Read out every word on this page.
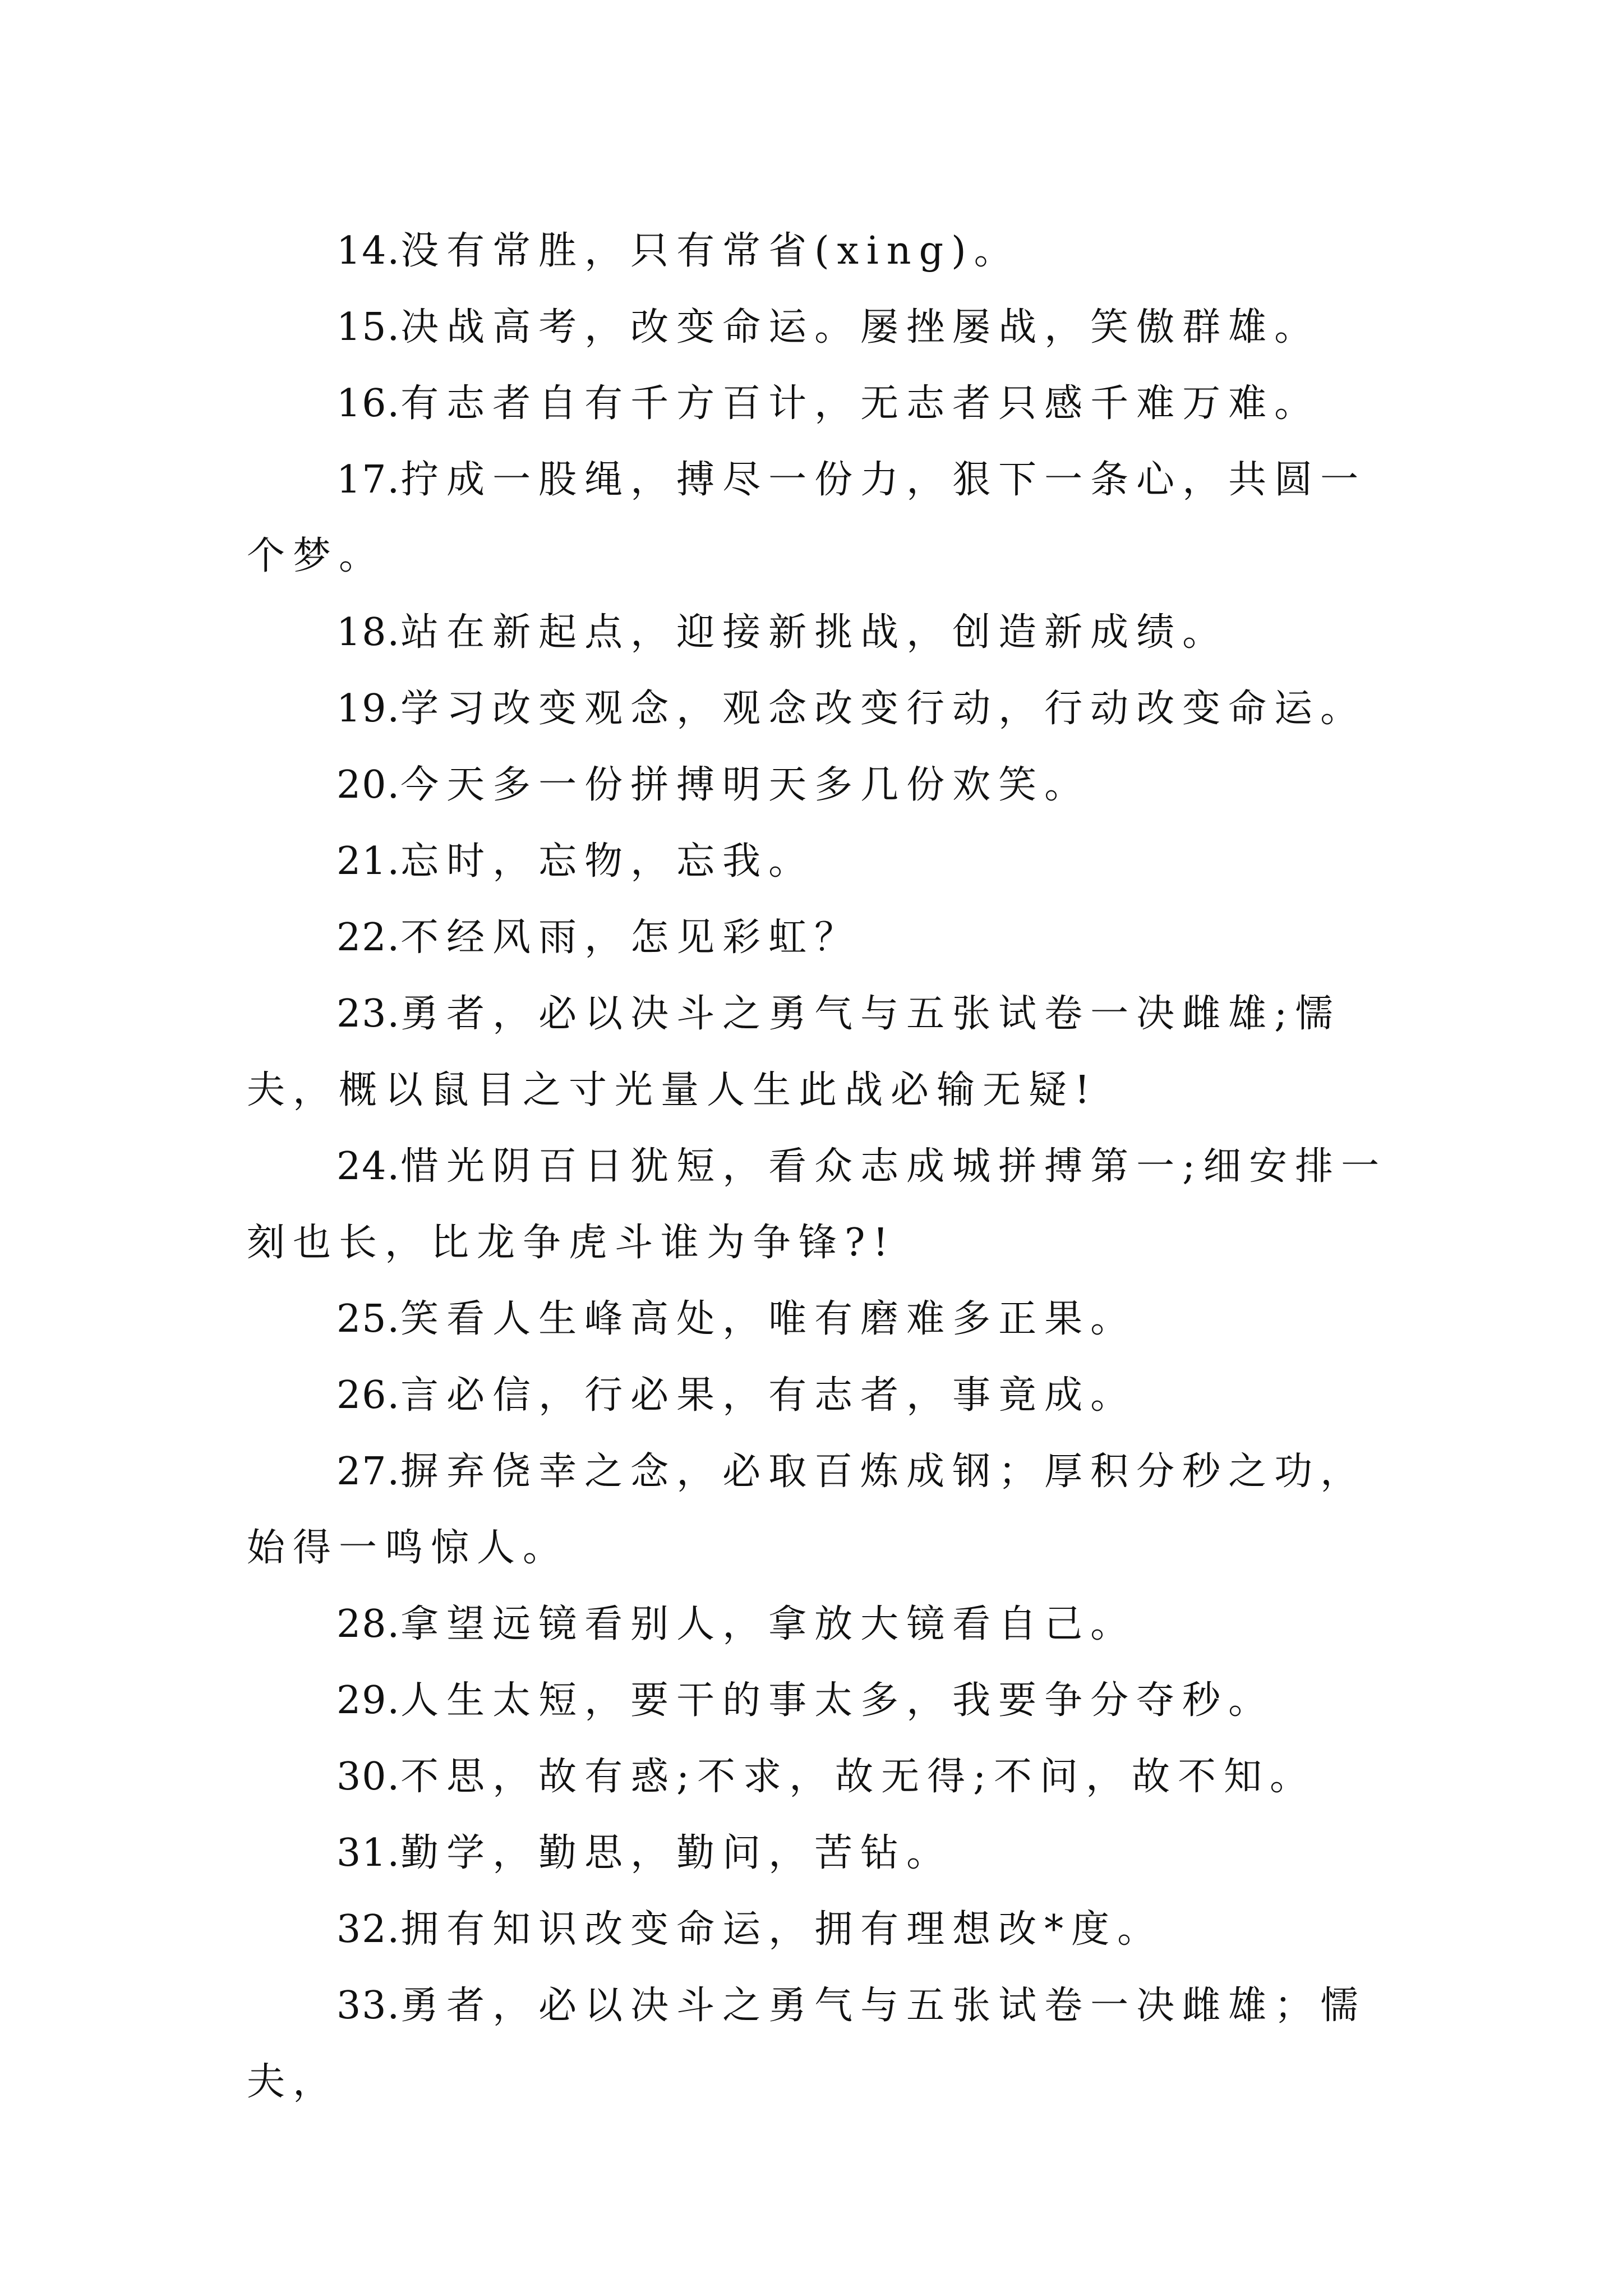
14.没有常胜，只有常省(xing)。

15.决战高考，改变命运。屡挫屡战，笑傲群雄。

16.有志者自有千方百计，无志者只感千难万难。

17.拧成一股绳，搏尽一份力，狠下一条心，共圆一个梦。

18.站在新起点，迎接新挑战，创造新成绩。

19.学习改变观念，观念改变行动，行动改变命运。

20.今天多一份拼搏明天多几份欢笑。

21.忘时，忘物，忘我。

22.不经风雨，怎见彩虹？

23.勇者，必以决斗之勇气与五张试卷一决雌雄;懦夫，概以鼠目之寸光量人生此战必输无疑!

24.惜光阴百日犹短，看众志成城拼搏第一;细安排一刻也长，比龙争虎斗谁为争锋?!

25.笑看人生峰高处，唯有磨难多正果。

26.言必信，行必果，有志者，事竟成。

27.摒弃侥幸之念，必取百炼成钢；厚积分秒之功，始得一鸣惊人。

28.拿望远镜看别人，拿放大镜看自己。

29.人生太短，要干的事太多，我要争分夺秒。

30.不思，故有惑;不求，故无得;不问，故不知。

31.勤学，勤思，勤问，苦钻。

32.拥有知识改变命运，拥有理想改*度。

33.勇者，必以决斗之勇气与五张试卷一决雌雄；懦夫，
